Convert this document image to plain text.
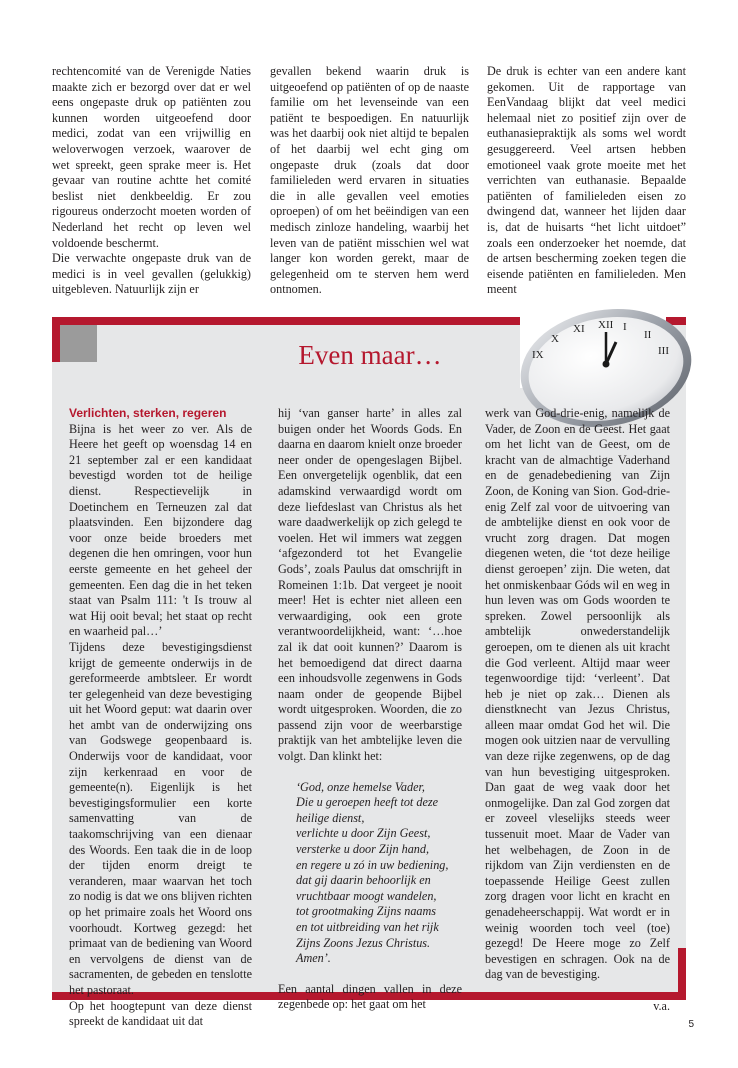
rechtencomité van de Verenigde Naties maakte zich er bezorgd over dat er wel eens ongepaste druk op patiënten zou kunnen worden uitgeoefend door medici, zodat van een vrijwillig en weloverwogen verzoek, waarover de wet spreekt, geen sprake meer is. Het gevaar van routine achtte het comité beslist niet denkbeeldig. Er zou rigoureus onderzocht moeten worden of Nederland het recht op leven wel voldoende beschermt.

Die verwachte ongepaste druk van de medici is in veel gevallen (gelukkig) uitgebleven. Natuurlijk zijn er

gevallen bekend waarin druk is uitgeoefend op patiënten of op de naaste familie om het levenseinde van een patiënt te bespoedigen. En natuurlijk was het daarbij ook niet altijd te bepalen of het daarbij wel echt ging om ongepaste druk (zoals dat door familieleden werd ervaren in situaties die in alle gevallen veel emoties oproepen) of om het beëindigen van een medisch zinloze handeling, waarbij het leven van de patiënt misschien wel wat langer kon worden gerekt, maar de gelegenheid om te sterven hem werd ontnomen.

De druk is echter van een andere kant gekomen. Uit de rapportage van EenVandaag blijkt dat veel medici helemaal niet zo positief zijn over de euthanasiepraktijk als soms wel wordt gesuggereerd. Veel artsen hebben emotioneel vaak grote moeite met het verrichten van euthanasie. Bepaalde patiënten of familieleden eisen zo dwingend dat, wanneer het lijden daar is, dat de huisarts “het licht uitdoet” zoals een onderzoeker het noemde, dat de artsen bescherming zoeken tegen die eisende patiënten en familieleden. Men meent

XII I
II
XI
X
IX	III
Even maar…

Verlichten, sterken, regeren

Bijna is het weer zo ver. Als de Heere het geeft op woensdag 14 en 21 september zal er een kandidaat bevestigd worden tot de heilige dienst. Respectievelijk in Doetinchem en Terneuzen zal dat plaatsvinden. Een bijzondere dag voor onze beide broeders met degenen die hen omringen, voor hun eerste gemeente en het geheel der gemeenten. Een dag die in het teken staat van Psalm 111: 't Is trouw al wat Hij ooit beval; het staat op recht en waarheid pal…’

Tijdens deze bevestigingsdienst krijgt de gemeente onderwijs in de gereformeerde ambtsleer. Er wordt ter gelegenheid van deze bevestiging uit het Woord geput: wat daarin over het ambt van de onderwijzing ons van Godswege geopenbaard is. Onderwijs voor de kandidaat, voor zijn kerkenraad en voor de gemeente(n). Eigenlijk is het bevestigingsformulier een korte samenvatting van de taakomschrijving van een dienaar des Woords. Een taak die in de loop der tijden enorm dreigt te veranderen, maar waarvan het toch zo nodig is dat we ons blijven richten op het primaire zoals het Woord ons voorhoudt. Kortweg gezegd: het primaat van de bediening van Woord en vervolgens de dienst van de sacramenten, de gebeden en tenslotte het pastoraat.

Op het hoogtepunt van deze dienst spreekt de kandidaat uit dat

hij ‘van ganser harte’ in alles zal buigen onder het Woords Gods. En daarna en daarom knielt onze broeder neer onder de opengeslagen Bijbel. Een onvergetelijk ogenblik, dat een adamskind verwaardigd wordt om deze liefdeslast van Christus als het ware daadwerkelijk op zich gelegd te voelen. Het wil immers wat zeggen ‘afgezonderd tot het Evangelie Gods’, zoals Paulus dat omschrijft in Romeinen 1:1b. Dat vergeet je nooit meer! Het is echter niet alleen een verwaardiging, ook een grote verantwoordelijkheid, want: ‘…hoe zal ik dat ooit kunnen?’ Daarom is het bemoedigend dat direct daarna een inhoudsvolle zegenwens in Gods naam onder de geopende Bijbel wordt uitgesproken. Woorden, die zo passend zijn voor de weerbarstige praktijk van het ambtelijke leven die volgt. Dan klinkt het:

‘God, onze hemelse Vader,
Die u geroepen heeft tot deze heilige dienst,
verlichte u door Zijn Geest,
versterke u door Zijn hand,
en regere u zó in uw bediening,
dat gij daarin behoorlijk en vruchtbaar moogt wandelen,
tot grootmaking Zijns naams
en tot uitbreiding van het rijk Zijns Zoons Jezus Christus.
Amen’.

Een aantal dingen vallen in deze zegenbede op: het gaat om het

werk van God-drie-enig, namelijk de Vader, de Zoon en de Geest. Het gaat om het licht van de Geest, om de kracht van de almachtige Vaderhand en de genadebediening van Zijn Zoon, de Koning van Sion. God-drie-enig Zelf zal voor de uitvoering van de ambtelijke dienst en ook voor de vrucht zorg dragen. Dat mogen diegenen weten, die ‘tot deze heilige dienst geroepen’ zijn. Die weten, dat het onmiskenbaar Góds wil en weg in hun leven was om Gods woorden te spreken. Zowel persoonlijk als ambtelijk onwederstandelijk geroepen, om te dienen als uit kracht die God verleent. Altijd maar weer tegenwoordige tijd: ‘verleent’. Dat heb je niet op zak… Dienen als dienstknecht van Jezus Christus, alleen maar omdat God het wil. Die mogen ook uitzien naar de vervulling van deze rijke zegenwens, op de dag van hun bevestiging uitgesproken. Dan gaat de weg vaak door het onmogelijke. Dan zal God zorgen dat er zoveel vleselijks steeds weer tussenuit moet. Maar de Vader van het welbehagen, de Zoon in de rijkdom van Zijn verdiensten en de toepassende Heilige Geest zullen zorg dragen voor licht en kracht en genadeheerschappij. Wat wordt er in weinig woorden toch veel (toe) gezegd! De Heere moge zo Zelf bevestigen en schragen. Ook na de dag van de bevestiging.

v.a.

5
